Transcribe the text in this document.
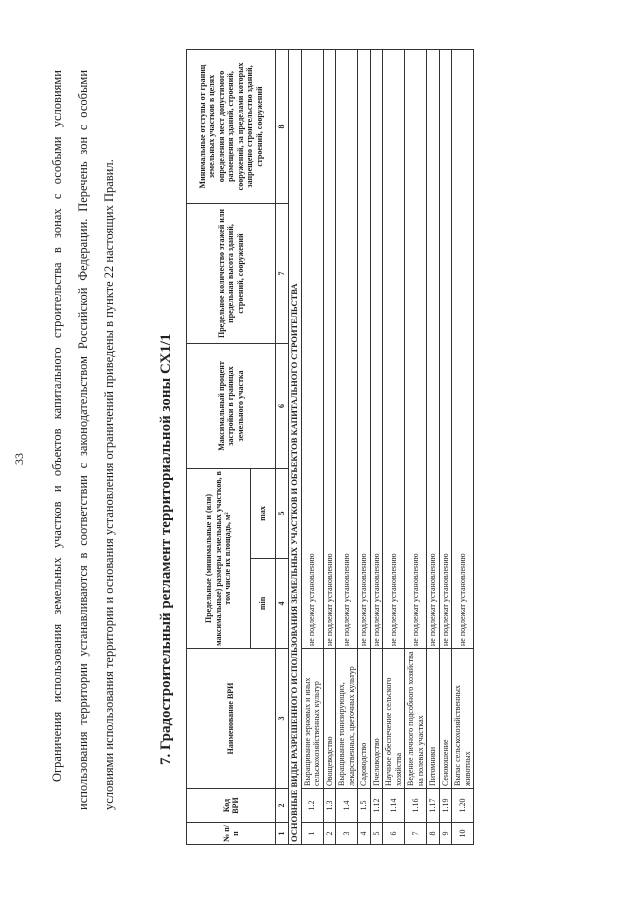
33	Ограничения использования земельных участков и объектов капитального строительства в зонах с особыми условиями использования территории устанавливаются в соответствии с законодательством Российской Федерации. Перечень зон с особыми условиями использования территории и основания установления ограничений приведены в пункте 22 настоящих Правил.
7. Градостроительный регламент территориальной зоны СХ1/1
№ п/п	Код ВРИ	Наименование ВРИ	Предельные (минимальные и (или) максимальные) размеры земельных участков, в том числе их площадь, м²		Максимальный процент застройки в границах земельного участка	Предельное количество этажей или предельная высота зданий, строений, сооружений	Минимальные отступы от границ земельных участков в целях определения мест допустимого размещения зданий, строений, сооружений, за пределами которых запрещено строительство зданий, строений, сооружений
			min	max			
1	2	3	4	5	6	7	8
ОСНОВНЫЕ ВИДЫ РАЗРЕШЕННОГО ИСПОЛЬЗОВАНИЯ ЗЕМЕЛЬНЫХ УЧАСТКОВ И ОБЪЕКТОВ КАПИТАЛЬНОГО СТРОИТЕЛЬСТВА							
1	1.2	Выращивание зерновых и иных сельскохозяйственных культур	не подлежат установлению				
2	1.3	Овощеводство	не подлежат установлению				
3	1.4	Выращивание тонизирующих, лекарственных, цветочных культур	не подлежат установлению				
4	1.5	Садоводство	не подлежат установлению				
5	1.12	Пчеловодство	не подлежат установлению				
6	1.14	Научное обеспечение сельского хозяйства	не подлежат установлению				
7	1.16	Ведение личного подсобного хозяйства на полевых участках	не подлежат установлению				
8	1.17	Питомники	не подлежат установлению				
9	1.19	Сенокошение	не подлежат установлению				
10	1.20	Выпас сельскохозяйственных животных	не подлежат установлению				
